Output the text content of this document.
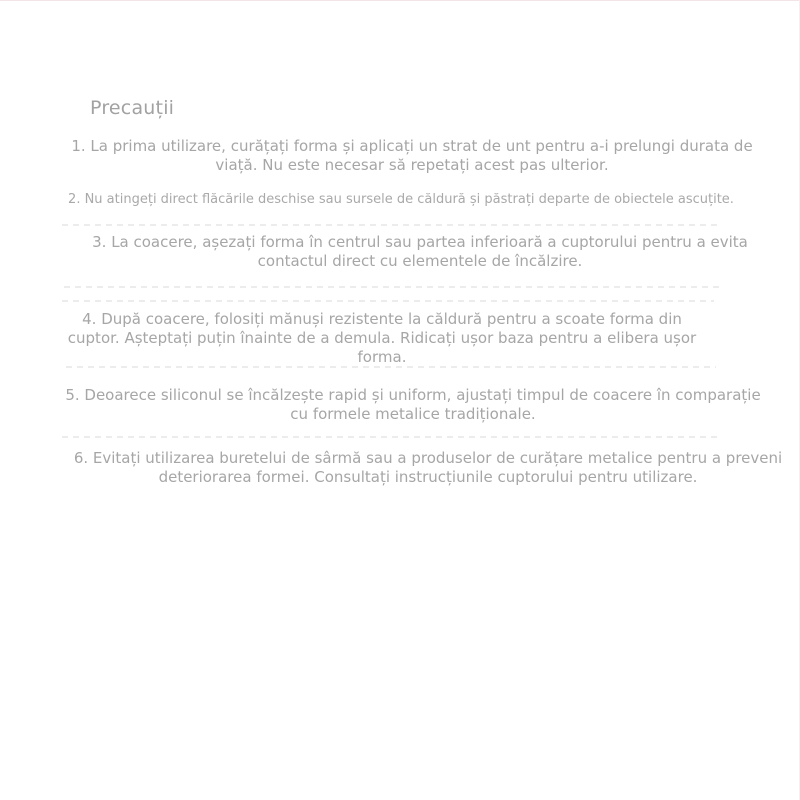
Precauții
1. La prima utilizare, curățați forma și aplicați un strat de unt pentru a-i prelungi durata de viață. Nu este necesar să repetați acest pas ulterior.
2. Nu atingeți direct flăcările deschise sau sursele de căldură și păstrați departe de obiectele ascuțite.
3. La coacere, așezați forma în centrul sau partea inferioară a cuptorului pentru a evita contactul direct cu elementele de încălzire.
4. După coacere, folosiți mănuși rezistente la căldură pentru a scoate forma din cuptor. Așteptați puțin înainte de a demula. Ridicați ușor baza pentru a elibera ușor forma.
5. Deoarece siliconul se încălzește rapid și uniform, ajustați timpul de coacere în comparație cu formele metalice tradiționale.
6. Evitați utilizarea buretelui de sârmă sau a produselor de curățare metalice pentru a preveni deteriorarea formei. Consultați instrucțiunile cuptorului pentru utilizare.
